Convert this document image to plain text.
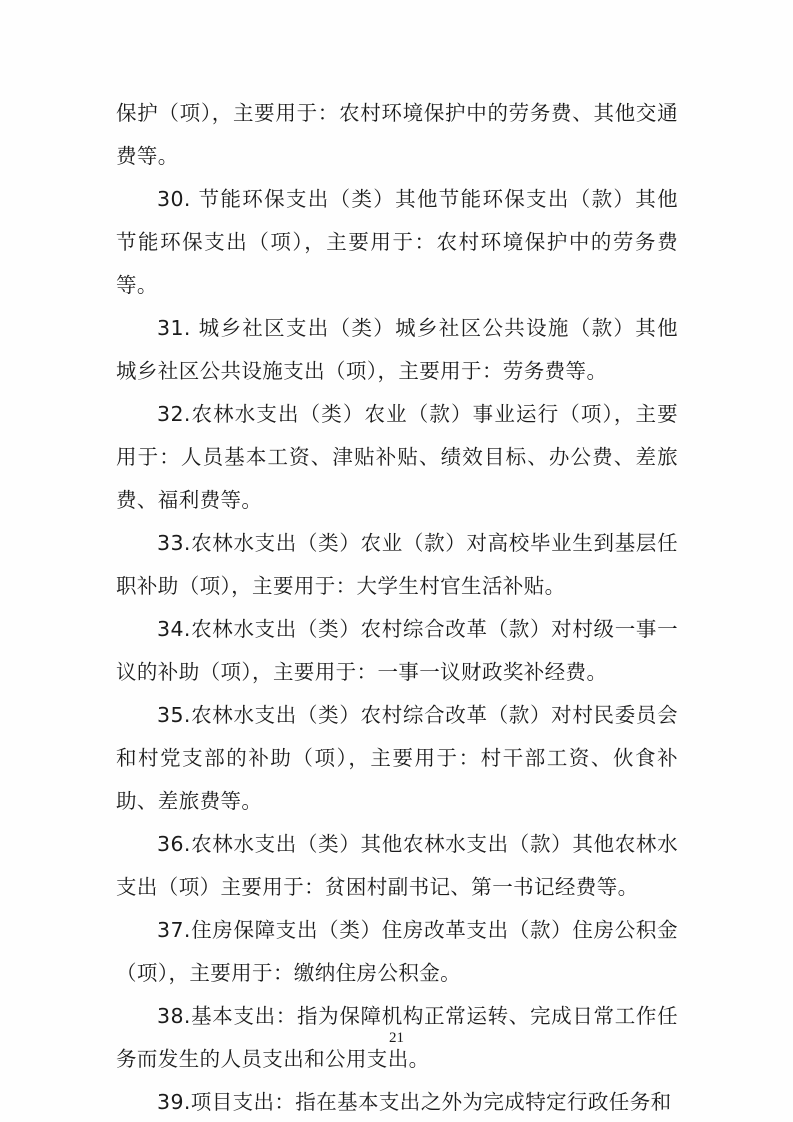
保护（项），主要用于：农村环境保护中的劳务费、其他交通费等。

30. 节能环保支出（类）其他节能环保支出（款）其他节能环保支出（项），主要用于：农村环境保护中的劳务费等。

31. 城乡社区支出（类）城乡社区公共设施（款）其他城乡社区公共设施支出（项），主要用于：劳务费等。

32.农林水支出（类）农业（款）事业运行（项），主要用于：人员基本工资、津贴补贴、绩效目标、办公费、差旅费、福利费等。

33.农林水支出（类）农业（款）对高校毕业生到基层任职补助（项），主要用于：大学生村官生活补贴。

34.农林水支出（类）农村综合改革（款）对村级一事一议的补助（项），主要用于：一事一议财政奖补经费。

35.农林水支出（类）农村综合改革（款）对村民委员会和村党支部的补助（项），主要用于：村干部工资、伙食补助、差旅费等。

36.农林水支出（类）其他农林水支出（款）其他农林水支出（项）主要用于：贫困村副书记、第一书记经费等。

37.住房保障支出（类）住房改革支出（款）住房公积金（项），主要用于：缴纳住房公积金。

38.基本支出：指为保障机构正常运转、完成日常工作任务而发生的人员支出和公用支出。

39.项目支出：指在基本支出之外为完成特定行政任务和

21
